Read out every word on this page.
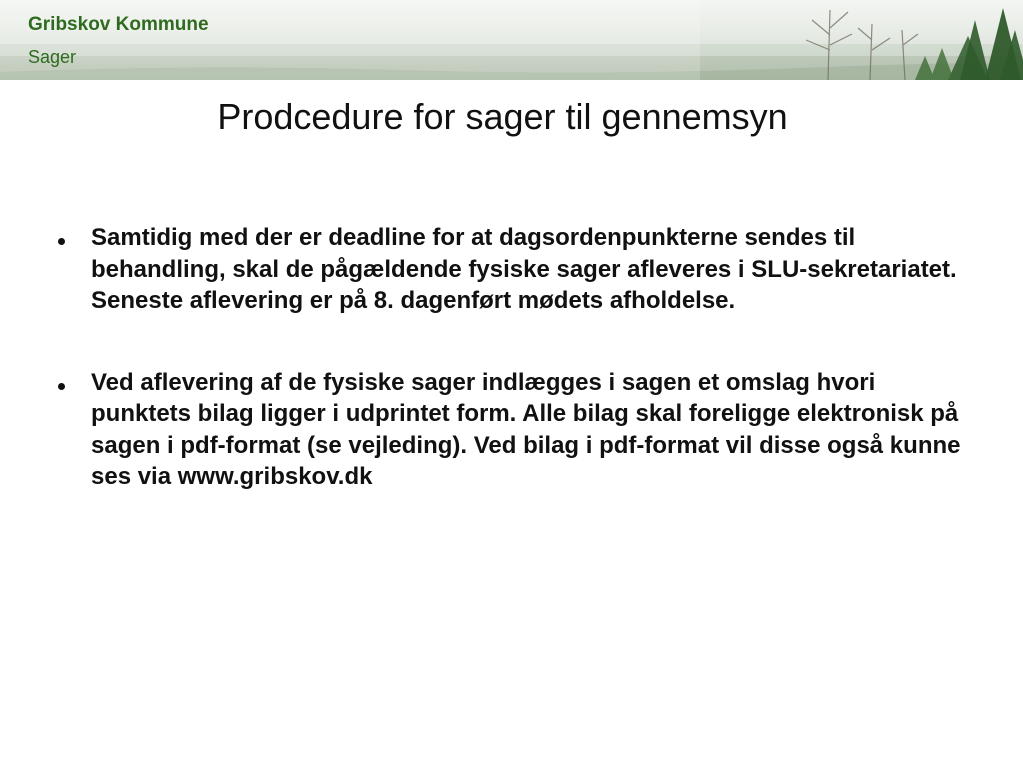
Gribskov Kommune
Sager
Prodcedure for sager til gennemsyn
Samtidig med der er deadline for at dagsordenpunkterne sendes til behandling, skal de pågældende fysiske sager afleveres i SLU-sekretariatet. Seneste aflevering er på 8. dagenført mødets afholdelse.
Ved aflevering af de fysiske sager indlægges i sagen et omslag hvori punktets bilag ligger i udprintet form. Alle bilag skal foreligge elektronisk på sagen i pdf-format (se vejleding). Ved bilag i pdf-format vil disse også kunne ses via www.gribskov.dk
